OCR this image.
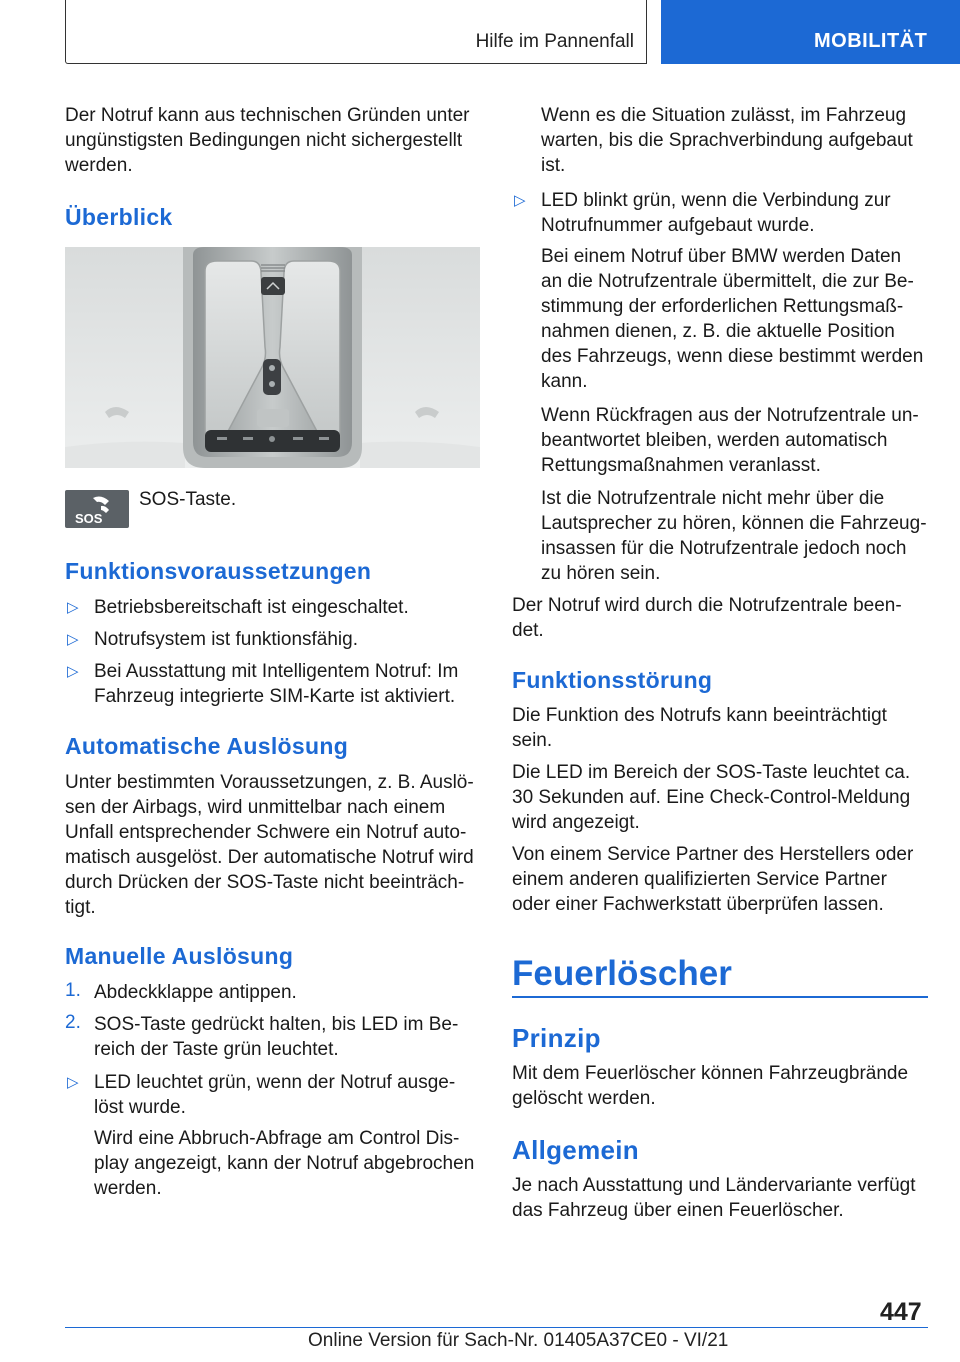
Hilfe im Pannenfall	MOBILITÄT
Der Notruf kann aus technischen Gründen unter
ungünstigsten Bedingungen nicht sichergestellt
werden.
Überblick
SOS
SOS-Taste.
Funktionsvoraussetzungen
▷ Betriebsbereitschaft ist eingeschaltet.
▷ Notrufsystem ist funktionsfähig.
▷ Bei Ausstattung mit Intelligentem Notruf: Im
Fahrzeug integrierte SIM-Karte ist aktiviert.
Automatische Auslösung
Unter bestimmten Voraussetzungen, z. B. Auslö-
sen der Airbags, wird unmittelbar nach einem
Unfall entsprechender Schwere ein Notruf auto-
matisch ausgelöst. Der automatische Notruf wird
durch Drücken der SOS-Taste nicht beeinträch-
tigt.
Manuelle Auslösung
1. Abdeckklappe antippen.
2. SOS-Taste gedrückt halten, bis LED im Be-
reich der Taste grün leuchtet.
▷ LED leuchtet grün, wenn der Notruf ausge-
löst wurde.
Wird eine Abbruch-Abfrage am Control Dis-
play angezeigt, kann der Notruf abgebrochen
werden.
Wenn es die Situation zulässt, im Fahrzeug
warten, bis die Sprachverbindung aufgebaut
ist.
▷ LED blinkt grün, wenn die Verbindung zur
Notrufnummer aufgebaut wurde.
Bei einem Notruf über BMW werden Daten
an die Notrufzentrale übermittelt, die zur Be-
stimmung der erforderlichen Rettungsmaß-
nahmen dienen, z. B. die aktuelle Position
des Fahrzeugs, wenn diese bestimmt werden
kann.
Wenn Rückfragen aus der Notrufzentrale un-
beantwortet bleiben, werden automatisch
Rettungsmaßnahmen veranlasst.
Ist die Notrufzentrale nicht mehr über die
Lautsprecher zu hören, können die Fahrzeug-
insassen für die Notrufzentrale jedoch noch
zu hören sein.
Der Notruf wird durch die Notrufzentrale been-
det.
Funktionsstörung
Die Funktion des Notrufs kann beeinträchtigt
sein.
Die LED im Bereich der SOS-Taste leuchtet ca.
30 Sekunden auf. Eine Check-Control-Meldung
wird angezeigt.
Von einem Service Partner des Herstellers oder
einem anderen qualifizierten Service Partner
oder einer Fachwerkstatt überprüfen lassen.
Feuerlöscher
Prinzip
Mit dem Feuerlöscher können Fahrzeugbrände
gelöscht werden.
Allgemein
Je nach Ausstattung und Ländervariante verfügt
das Fahrzeug über einen Feuerlöscher.
447
Online Version für Sach-Nr. 01405A37CE0 - VI/21
